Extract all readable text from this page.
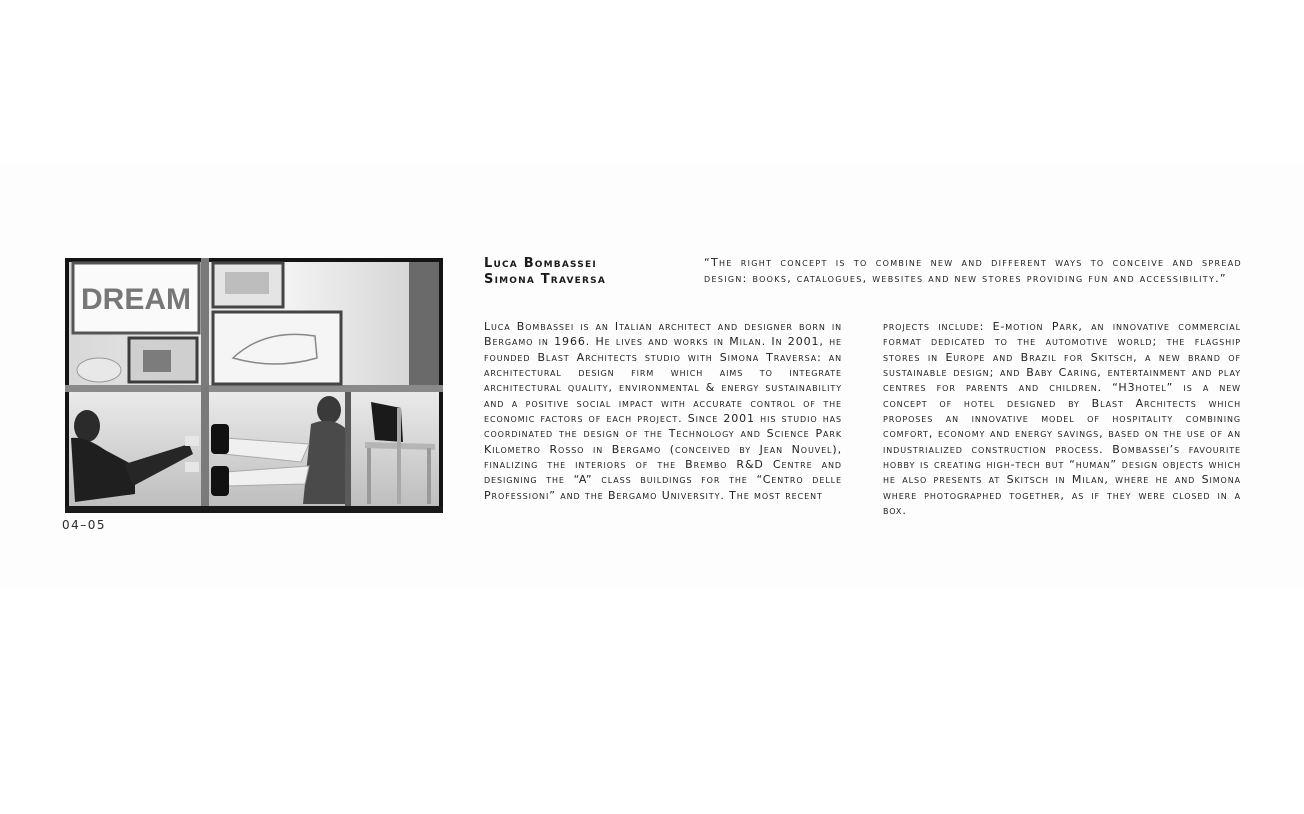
DREAM
04–05
Luca Bombassei
Simona Traversa
“The right concept is to combine new and different ways to conceive and spread design: books, catalogues, websites and new stores providing fun and accessibility.”

Luca Bombassei is an Italian architect and designer born in Bergamo in 1966. He lives and works in Milan. In 2001, he founded Blast Architects studio with Simona Traversa: an architectural design firm which aims to integrate architectural quality, environmental & energy sustainability and a positive social impact with accurate control of the economic factors of each project. Since 2001 his studio has coordinated the design of the Technology and Science Park Kilometro Rosso in Bergamo (conceived by Jean Nouvel), finalizing the interiors of the Brembo R&D Centre and designing the “A” class buildings for the “Centro delle Professioni” and the Bergamo University. The most recent

projects include: E-motion Park, an innovative commercial format dedicated to the automotive world; the flagship stores in Europe and Brazil for Skitsch, a new brand of sustainable design; and Baby Caring, entertainment and play centres for parents and children. “H3hotel” is a new concept of hotel designed by Blast Architects which proposes an innovative model of hospitality combining comfort, economy and energy savings, based on the use of an industrialized construction process. Bombassei’s favourite hobby is creating high-tech but “human” design objects which he also presents at Skitsch in Milan, where he and Simona where photographed together, as if they were closed in a box.
